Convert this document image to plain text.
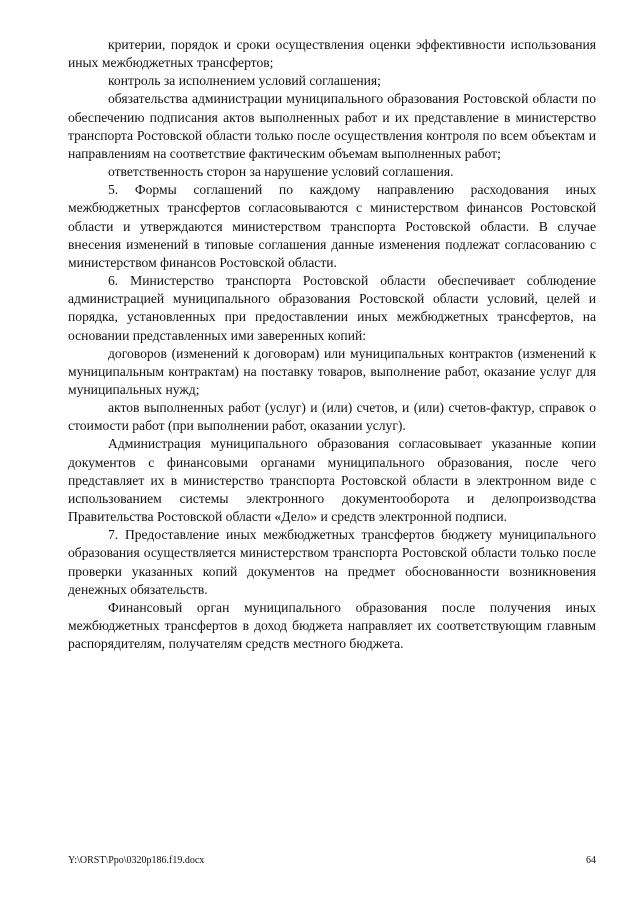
критерии, порядок и сроки осуществления оценки эффективности использования иных межбюджетных трансфертов;

контроль за исполнением условий соглашения;

обязательства администрации муниципального образования Ростовской области по обеспечению подписания актов выполненных работ и их представление в министерство транспорта Ростовской области только после осуществления контроля по всем объектам и направлениям на соответствие фактическим объемам выполненных работ;

ответственность сторон за нарушение условий соглашения.

5. Формы соглашений по каждому направлению расходования иных межбюджетных трансфертов согласовываются с министерством финансов Ростовской области и утверждаются министерством транспорта Ростовской области. В случае внесения изменений в типовые соглашения данные изменения подлежат согласованию с министерством финансов Ростовской области.

6. Министерство транспорта Ростовской области обеспечивает соблюдение администрацией муниципального образования Ростовской области условий, целей и порядка, установленных при предоставлении иных межбюджетных трансфертов, на основании представленных ими заверенных копий:

договоров (изменений к договорам) или муниципальных контрактов (изменений к муниципальным контрактам) на поставку товаров, выполнение работ, оказание услуг для муниципальных нужд;

актов выполненных работ (услуг) и (или) счетов, и (или) счетов-фактур, справок о стоимости работ (при выполнении работ, оказании услуг).

Администрация муниципального образования согласовывает указанные копии документов с финансовыми органами муниципального образования, после чего представляет их в министерство транспорта Ростовской области в электронном виде с использованием системы электронного документооборота и делопроизводства Правительства Ростовской области «Дело» и средств электронной подписи.

7. Предоставление иных межбюджетных трансфертов бюджету муниципального образования осуществляется министерством транспорта Ростовской области только после проверки указанных копий документов на предмет обоснованности возникновения денежных обязательств.

Финансовый орган муниципального образования после получения иных межбюджетных трансфертов в доход бюджета направляет их соответствующим главным распорядителям, получателям средств местного бюджета.

Y:\ORST\Ppo\0320p186.f19.docx	64
